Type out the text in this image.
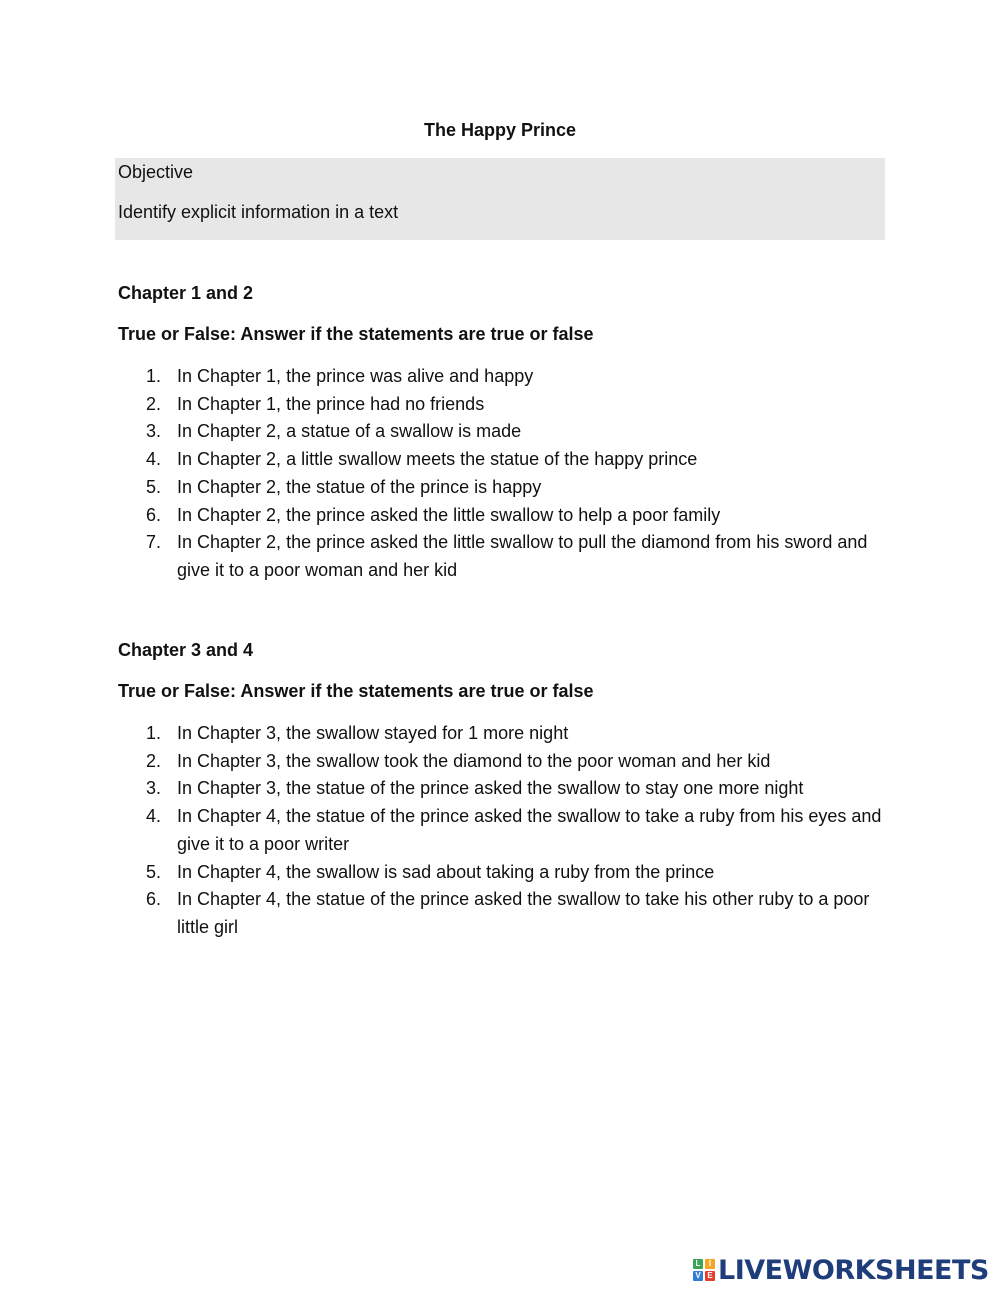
The Happy Prince
Objective
Identify explicit information in a text

Chapter 1 and 2

True or False: Answer if the statements are true or false

1. In Chapter 1, the prince was alive and happy
2. In Chapter 1, the prince had no friends
3. In Chapter 2, a statue of a swallow is made
4. In Chapter 2, a little swallow meets the statue of the happy prince
5. In Chapter 2, the statue of the prince is happy
6. In Chapter 2, the prince asked the little swallow to help a poor family
7. In Chapter 2, the prince asked the little swallow to pull the diamond from his sword and give it to a poor woman and her kid

Chapter 3 and 4

True or False: Answer if the statements are true or false

1. In Chapter 3, the swallow stayed for 1 more night
2. In Chapter 3, the swallow took the diamond to the poor woman and her kid
3. In Chapter 3, the statue of the prince asked the swallow to stay one more night
4. In Chapter 4, the statue of the prince asked the swallow to take a ruby from his eyes and give it to a poor writer
5. In Chapter 4, the swallow is sad about taking a ruby from the prince
6. In Chapter 4, the statue of the prince asked the swallow to take his other ruby to a poor little girl
L	I
V E LIVEWORKSHEETS
